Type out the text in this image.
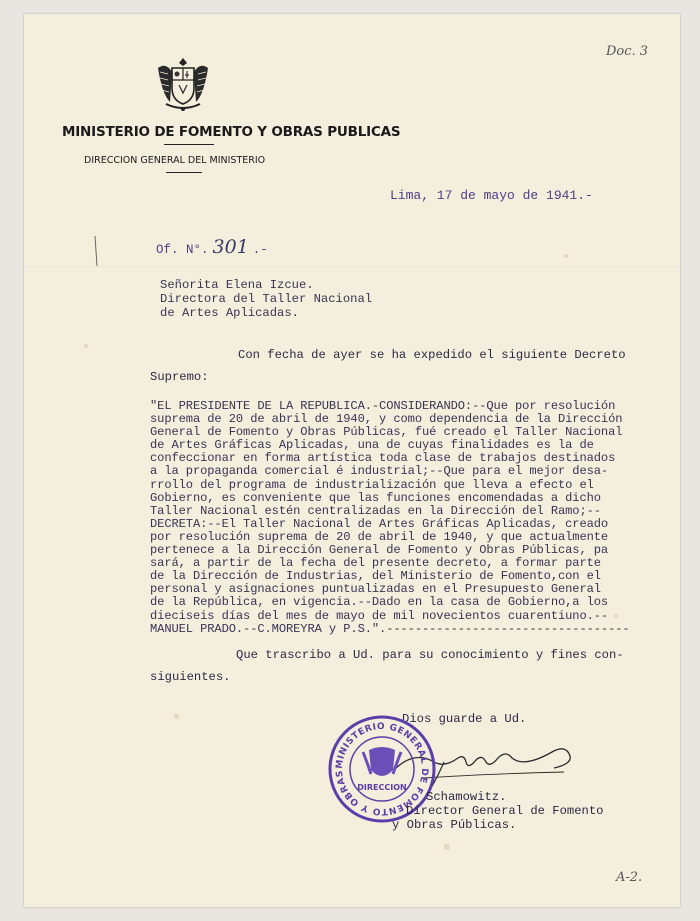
Doc. 3
A-2.
MINISTERIO DE FOMENTO Y OBRAS PUBLICAS
DIRECCION GENERAL DEL MINISTERIO
Lima, 17 de mayo de 1941.-
Of. N°. 301 .-
Señorita Elena Izcue.
Directora del Taller Nacional
de Artes Aplicadas.
Con fecha de ayer se ha expedido el siguiente Decreto
Supremo:
"EL PRESIDENTE DE LA REPUBLICA.-CONSIDERANDO:--Que por resolución
suprema de 20 de abril de 1940, y como dependencia de la Dirección
General de Fomento y Obras Públicas, fué creado el Taller Nacional
de Artes Gráficas Aplicadas, una de cuyas finalidades es la de
confeccionar en forma artística toda clase de trabajos destinados
a la propaganda comercial é industrial;--Que para el mejor desa-
rrollo del programa de industrialización que lleva a efecto el
Gobierno, es conveniente que las funciones encomendadas a dicho
Taller Nacional estén centralizadas en la Dirección del Ramo;--
DECRETA:--El Taller Nacional de Artes Gráficas Aplicadas, creado
por resolución suprema de 20 de abril de 1940, y que actualmente
pertenece a la Dirección General de Fomento y Obras Públicas, pa
sará, a partir de la fecha del presente decreto, a formar parte
de la Dirección de Industrias, del Ministerio de Fomento,con el
personal y asignaciones puntualizadas en el Presupuesto General
de la República, en vigencia.--Dado en la casa de Gobierno,a los
dieciseis días del mes de mayo de mil novecientos cuarentiuno.--
MANUEL PRADO.--C.MOREYRA y P.S.".----------------------------------
Que trascribo a Ud. para su conocimiento y fines con-
siguientes.
Dios guarde a Ud.
MINISTERIO GENERAL DE FOMENTO Y OBRAS
DIRECCION
Schamowitz.
Director General de Fomento
y Obras Públicas.
